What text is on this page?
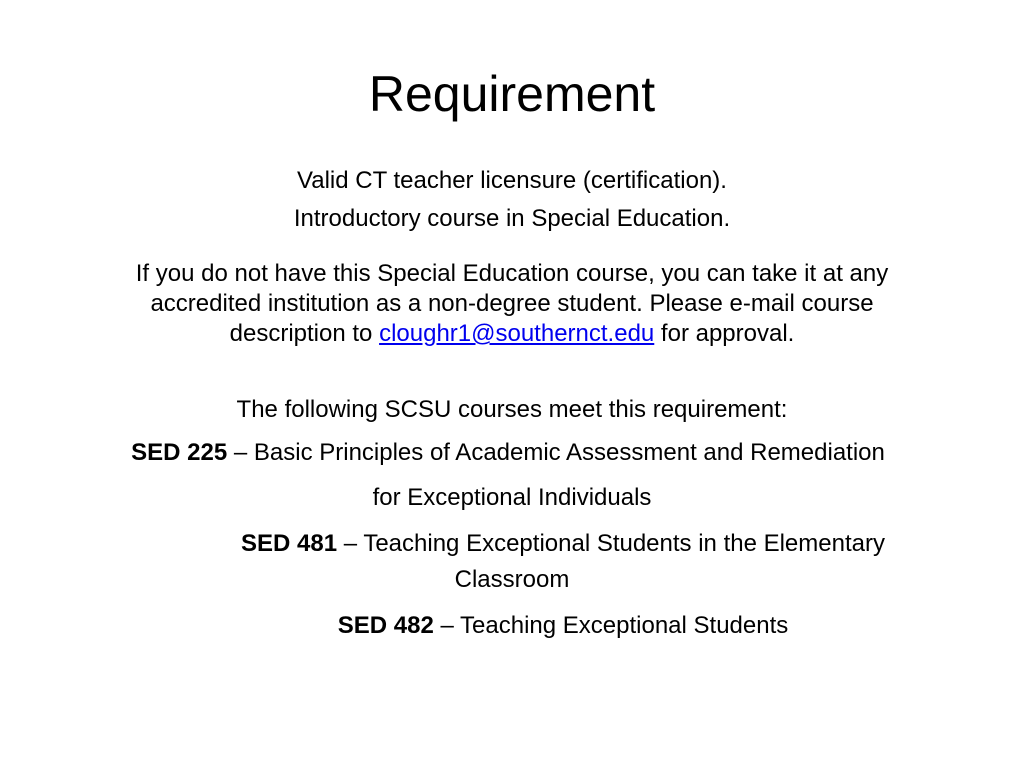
Requirement
Valid CT teacher licensure (certification).
Introductory course in Special Education.
If you do not have this Special Education course, you can take it at any
accredited institution as a non-degree student. Please e-mail course
description to cloughr1@southernct.edu for approval.
The following SCSU courses meet this requirement:
SED 225 – Basic Principles of Academic Assessment and Remediation
for Exceptional Individuals
SED 481 – Teaching Exceptional Students in the Elementary
Classroom
SED 482 – Teaching Exceptional Students
